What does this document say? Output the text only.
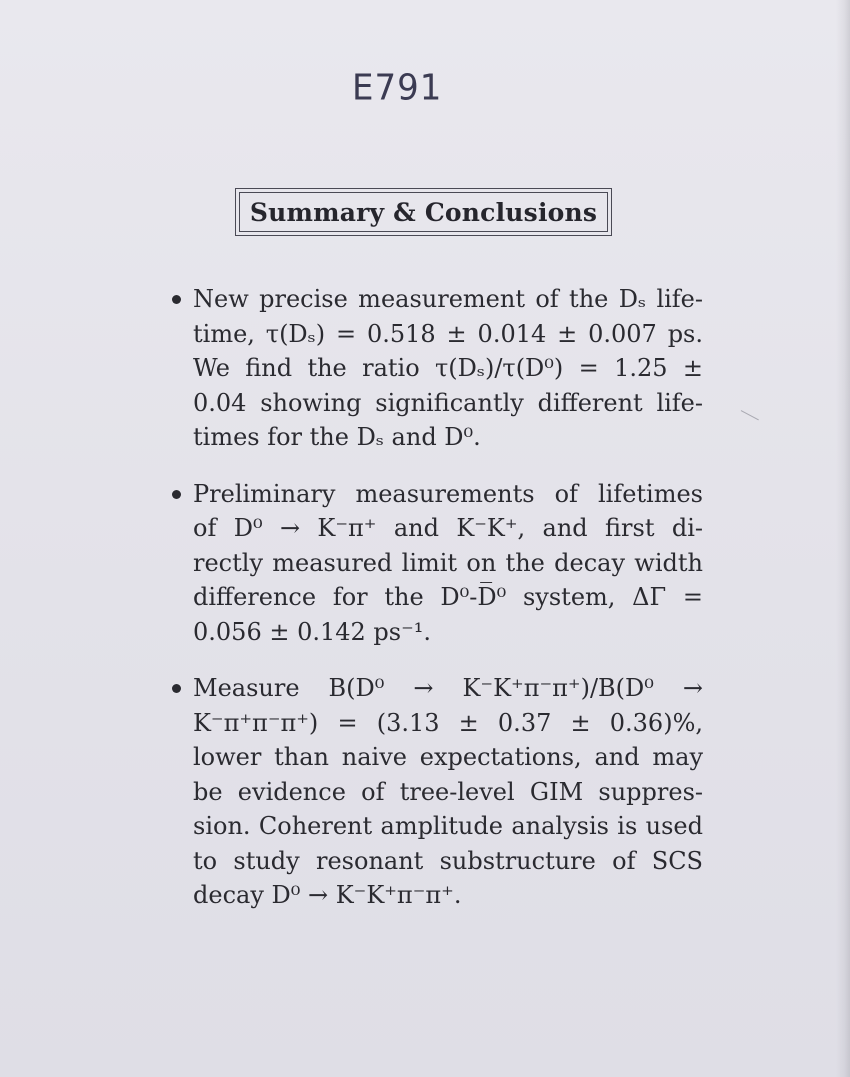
E791
Summary & Conclusions
New precise measurement of the Dₛ life-
time, τ(Dₛ) = 0.518 ± 0.014 ± 0.007 ps.
We find the ratio τ(Dₛ)/τ(D⁰) = 1.25 ±
0.04 showing significantly different life-
times for the Dₛ and D⁰.
Preliminary measurements of lifetimes
of D⁰ → K⁻π⁺ and K⁻K⁺, and first di-
rectly measured limit on the decay width
difference for the D⁰-D̅⁰ system, ΔΓ =
0.056 ± 0.142 ps⁻¹.
Measure B(D⁰ → K⁻K⁺π⁻π⁺)/B(D⁰ →
K⁻π⁺π⁻π⁺) = (3.13 ± 0.37 ± 0.36)%,
lower than naive expectations, and may
be evidence of tree-level GIM suppres-
sion. Coherent amplitude analysis is used
to study resonant substructure of SCS
decay D⁰ → K⁻K⁺π⁻π⁺.
